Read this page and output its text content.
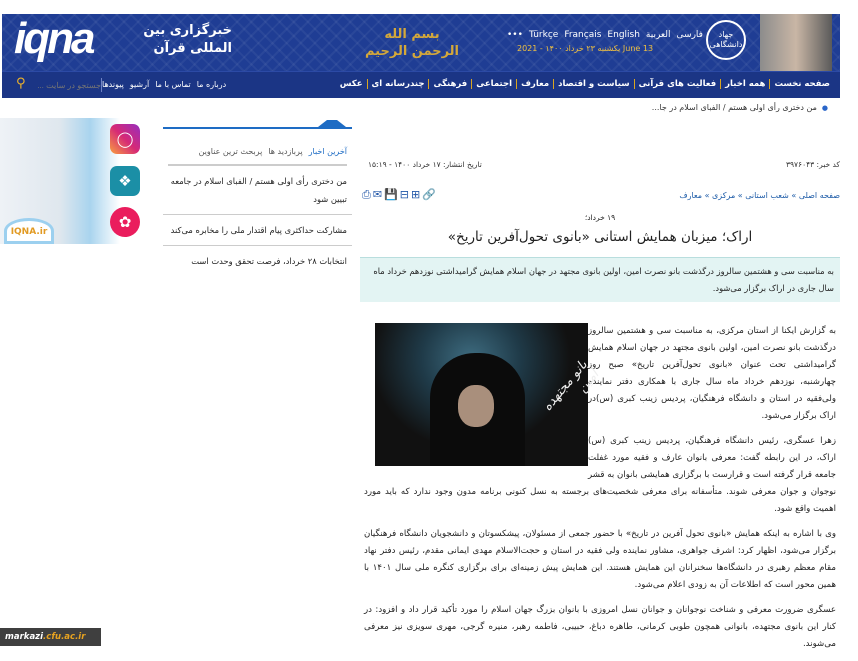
iqna	خبرگزاری بین المللی قرآن
بسم الله الرحمن الرحيم
••• Türkçe Français English العربية فارسی
یکشنبه ۲۳ خرداد ۱۴۰۰ - 2021 June 13
جهاد دانشگاهی
صفحه نخست
همه اخبار
فعالیت های قرآنی
سیاست و اقتصاد
معارف
اجتماعی
فرهنگی
چندرسانه ای
عکس
درباره ما
تماس با ما
آرشیو
پیوندها
جستجو در سایت ...
⚲
● من دختری رأی اولی هستم / الفبای اسلام در جا...
◯
❖
✿
IQNA.ir
آخرین اخبار
پربازدید ها
پربحث ترین عناوین
من دختری رأی اولی هستم / الفبای اسلام در جامعه تبیین شود
مشارکت حداکثری پیام اقتدار ملی را مخابره می‌کند
انتخابات ۲۸ خرداد، فرصت تحقق وحدت است
کد خبر: ۳۹۷۶۰۴۳
تاریخ انتشار: ۱۷ خرداد ۱۴۰۰ - ۱۵:۱۹
صفحه اصلی » شعب استانی » مرکزی » معارف
⎙ ✉ 💾 ⊟ ⊞ 🔗
۱۹ خرداد؛
اراک؛ میزبان همایش استانی «بانوی تحول‌آفرین تاریخ»
به مناسبت سی و هشتمین سالروز درگذشت بانو نصرت امین، اولین بانوی مجتهد در جهان اسلام همایش گرامیداشتی نوزدهم خرداد ماه سال جاری در اراک برگزار می‌شود.
بانو مجتهده امین

به گزارش ایکنا از استان مرکزی، به مناسبت سی و هشتمین سالروز درگذشت بانو نصرت امین، اولین بانوی مجتهد در جهان اسلام همایش گرامیداشتی تحت عنوان «بانوی تحول‌آفرین تاریخ» صبح روز چهارشنبه، نوزدهم خرداد ماه سال جاری با همکاری دفتر نماینده ولی‌فقیه در استان و دانشگاه فرهنگیان، پردیس زینب کبری (س)در اراک برگزار می‌شود.

زهرا عسگری، رئیس دانشگاه فرهنگیان، پردیس زینب کبری (س) اراک، در این رابطه گفت: معرفی بانوان عارف و فقیه مورد غفلت جامعه قرار گرفته است و قرارست با برگزاری همایشی بانوان به قشر نوجوان و جوان معرفی شوند. متأسفانه برای معرفی شخصیت‌های برجسته به نسل کنونی برنامه مدون وجود ندارد که باید مورد اهمیت واقع شود.

وی با اشاره به اینکه همایش «بانوی تحول آفرین در تاریخ» با حضور جمعی از مسئولان، پیشکسوتان و دانشجویان دانشگاه فرهنگیان برگزار می‌شود، اظهار کرد: اشرف جواهری، مشاور نماینده ولی فقیه در استان و حجت‌الاسلام مهدی ایمانی مقدم، رئیس دفتر نهاد مقام معظم رهبری در دانشگاه‌ها سخنرانان این همایش هستند. این همایش پیش زمینه‌ای برای برگزاری کنگره ملی سال ۱۴۰۱ با همین محور است که اطلاعات آن به زودی اعلام می‌شود.

عسگری ضرورت معرفی و شناخت نوجوانان و جوانان نسل امروزی با بانوان بزرگ جهان اسلام را مورد تأکید قرار داد و افزود: در کنار این بانوی مجتهده، بانوانی همچون طوبی کرمانی، طاهره دباغ، حبیبی، فاطمه رهبر، منیره گرجی، مهری سویزی نیز معرفی می‌شوند.

markazi.cfu.ac.ir
